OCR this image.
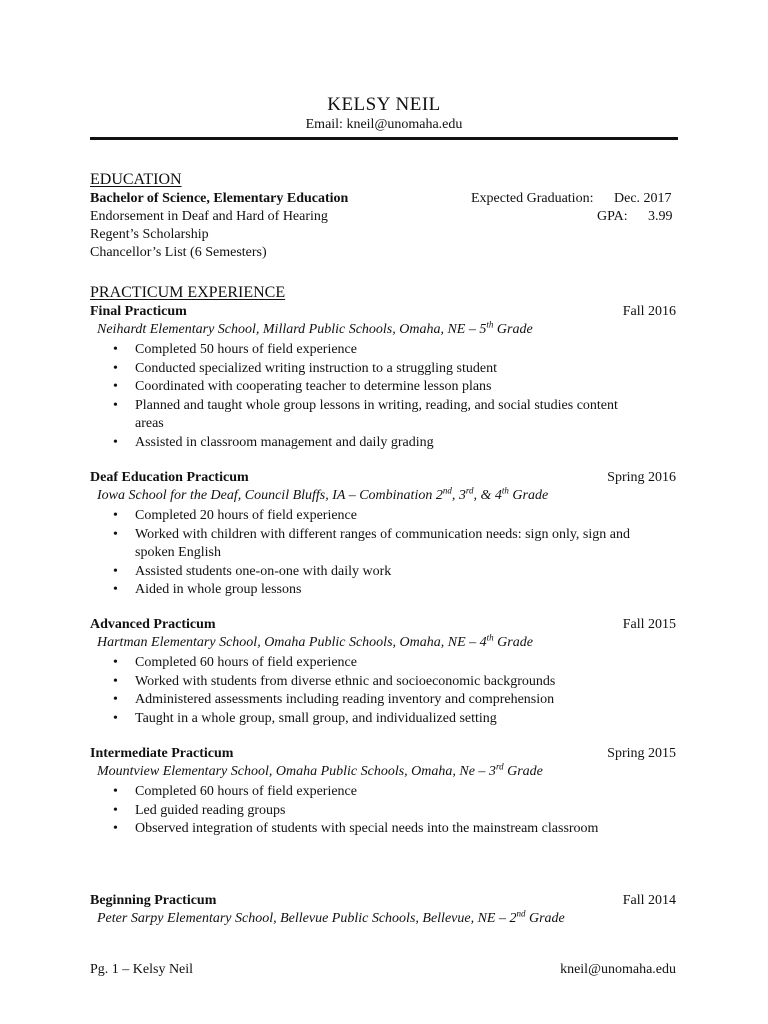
KELSY NEIL
Email: kneil@unomaha.edu
EDUCATION
Bachelor of Science, Elementary Education	Expected Graduation: Dec. 2017
Endorsement in Deaf and Hard of Hearing	GPA: 3.99
Regent’s Scholarship
Chancellor’s List (6 Semesters)
PRACTICUM EXPERIENCE
Final Practicum	Fall 2016
Neihardt Elementary School, Millard Public Schools, Omaha, NE – 5th Grade
• Completed 50 hours of field experience
• Conducted specialized writing instruction to a struggling student
• Coordinated with cooperating teacher to determine lesson plans
• Planned and taught whole group lessons in writing, reading, and social studies content areas
• Assisted in classroom management and daily grading
Deaf Education Practicum	Spring 2016
Iowa School for the Deaf, Council Bluffs, IA – Combination 2nd, 3rd, & 4th Grade
• Completed 20 hours of field experience
• Worked with children with different ranges of communication needs: sign only, sign and spoken English
• Assisted students one-on-one with daily work
• Aided in whole group lessons
Advanced Practicum	Fall 2015
Hartman Elementary School, Omaha Public Schools, Omaha, NE – 4th Grade
• Completed 60 hours of field experience
• Worked with students from diverse ethnic and socioeconomic backgrounds
• Administered assessments including reading inventory and comprehension
• Taught in a whole group, small group, and individualized setting
Intermediate Practicum	Spring 2015
Mountview Elementary School, Omaha Public Schools, Omaha, Ne – 3rd Grade
• Completed 60 hours of field experience
• Led guided reading groups
• Observed integration of students with special needs into the mainstream classroom
Beginning Practicum	Fall 2014
Peter Sarpy Elementary School, Bellevue Public Schools, Bellevue, NE – 2nd Grade
Pg. 1 – Kelsy Neil	kneil@unomaha.edu
